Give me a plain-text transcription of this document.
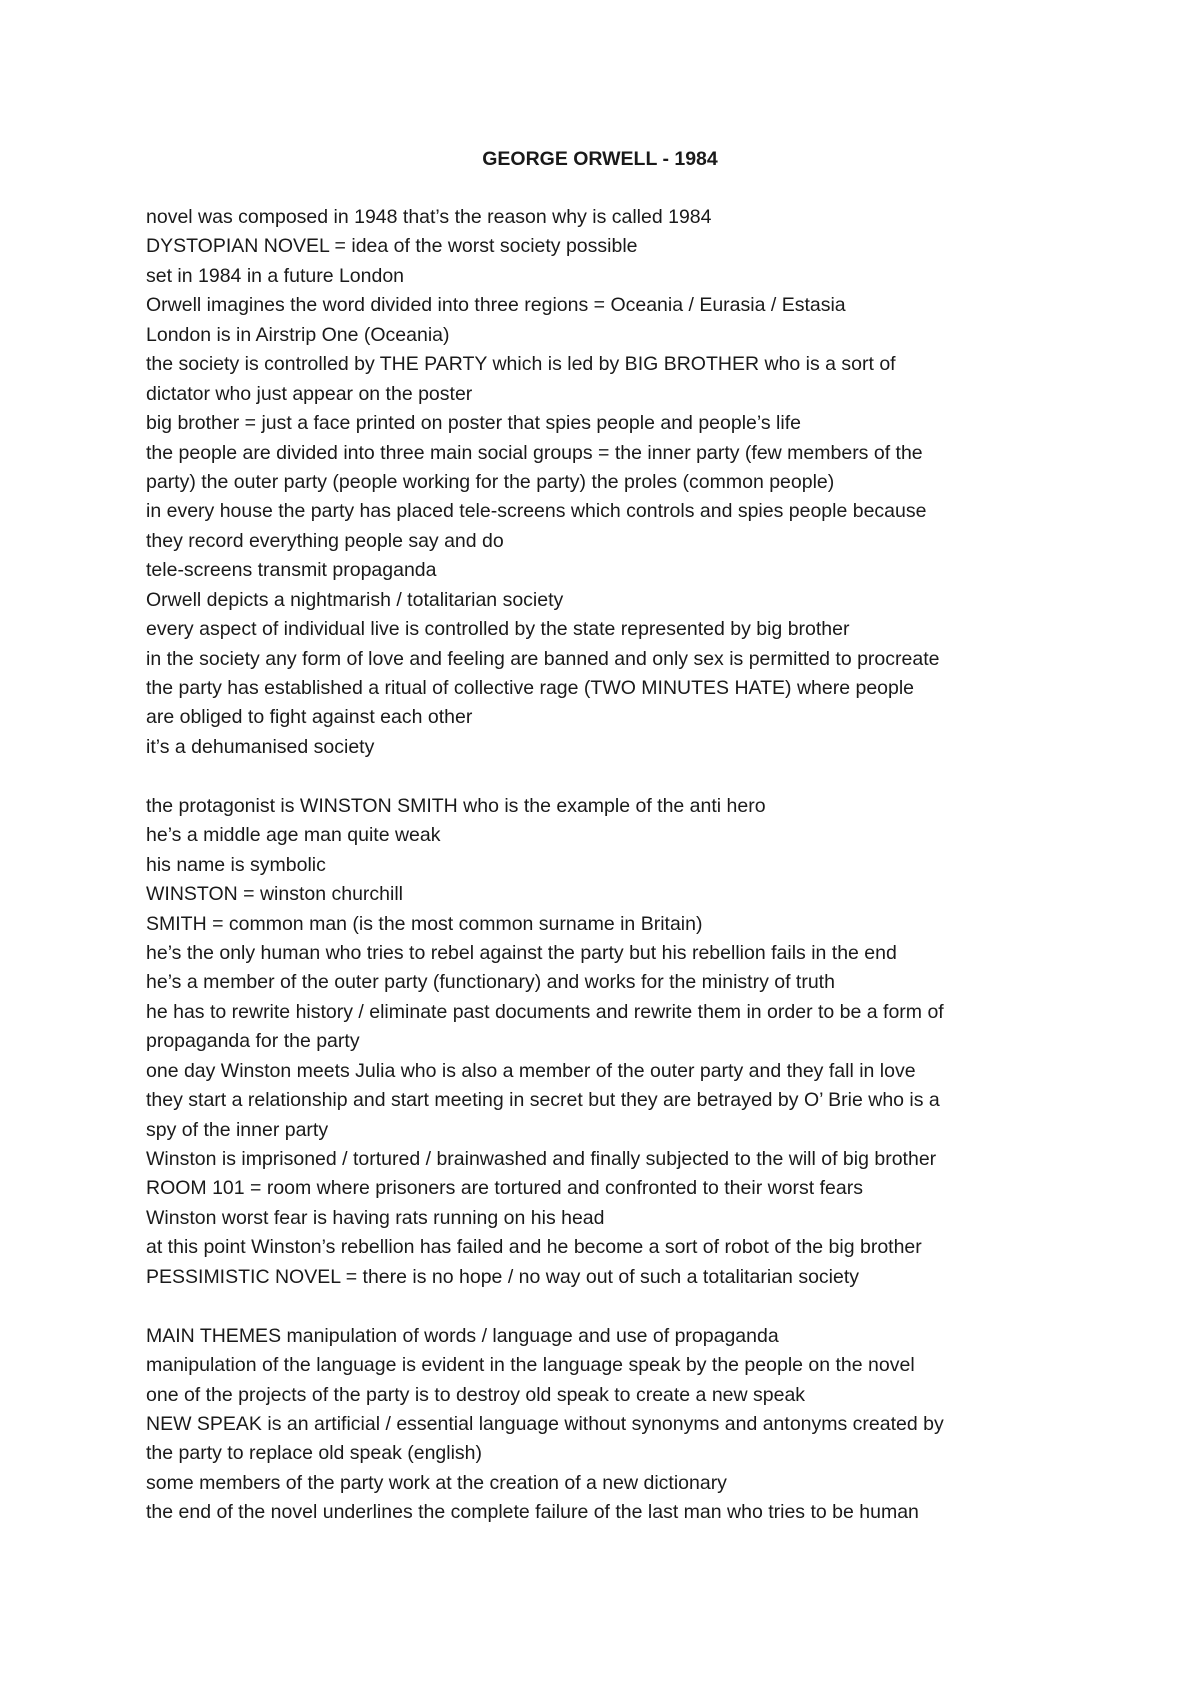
GEORGE ORWELL - 1984
novel was composed in 1948 that’s the reason why is called 1984
DYSTOPIAN NOVEL = idea of the worst society possible
set in 1984 in a future London
Orwell imagines the word divided into three regions = Oceania / Eurasia / Estasia
London is in Airstrip One (Oceania)
the society is controlled by THE PARTY which is led by BIG BROTHER who is a sort of
dictator who just appear on the poster
big brother = just a face printed on poster that spies people and people’s life
the people are divided into three main social groups = the inner party (few members of the
party) the outer party (people working for the party) the proles (common people)
in every house the party has placed tele-screens which controls and spies people because
they record everything people say and do
tele-screens transmit propaganda
Orwell depicts a nightmarish / totalitarian society
every aspect of individual live is controlled by the state represented by big brother
in the society any form of love and feeling are banned and only sex is permitted to procreate
the party has established a ritual of collective rage (TWO MINUTES HATE) where people
are obliged to fight against each other
it’s a dehumanised society
the protagonist is WINSTON SMITH who is the example of the anti hero
he’s a middle age man quite weak
his name is symbolic
WINSTON = winston churchill
SMITH = common man (is the most common surname in Britain)
he’s the only human who tries to rebel against the party but his rebellion fails in the end
he’s a member of the outer party (functionary) and works for the ministry of truth
he has to rewrite history / eliminate past documents and rewrite them in order to be a form of
propaganda for the party
one day Winston meets Julia who is also a member of the outer party and they fall in love
they start a relationship and start meeting in secret but they are betrayed by O’ Brie who is a
spy of the inner party
Winston is imprisoned / tortured / brainwashed and finally subjected to the will of big brother
ROOM 101 = room where prisoners are tortured and confronted to their worst fears
Winston worst fear is having rats running on his head
at this point Winston’s rebellion has failed and he become a sort of robot of the big brother
PESSIMISTIC NOVEL = there is no hope / no way out of such a totalitarian society
MAIN THEMES manipulation of words / language and use of propaganda
manipulation of the language is evident in the language speak by the people on the novel
one of the projects of the party is to destroy old speak to create a new speak
NEW SPEAK is an artificial / essential language without synonyms and antonyms created by
the party to replace old speak (english)
some members of the party work at the creation of a new dictionary
the end of the novel underlines the complete failure of the last man who tries to be human
